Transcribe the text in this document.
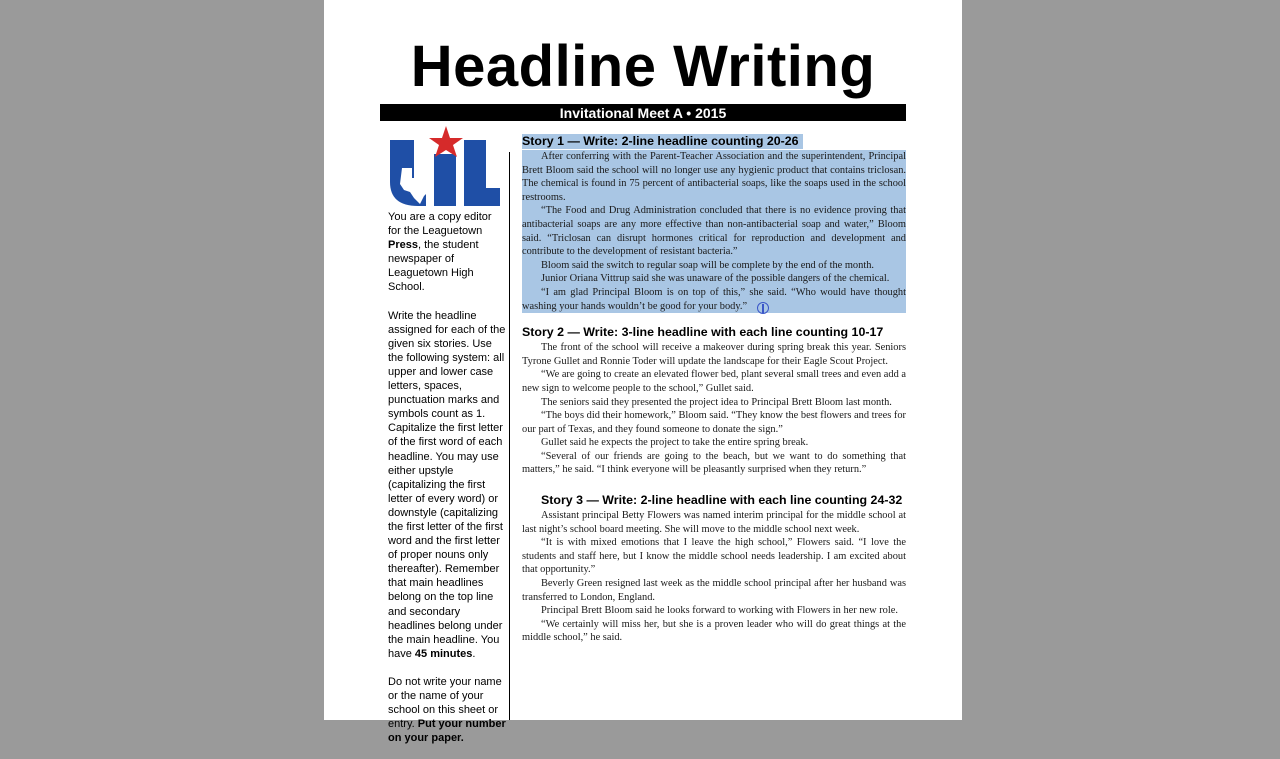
Headline Writing
Invitational Meet A • 2015

You are a copy editor for the Leaguetown Press, the student newspaper of Leaguetown High School.

Write the headline assigned for each of the given six stories. Use the following system: all upper and lower case letters, spaces, punctuation marks and symbols count as 1. Capitalize the first letter of the first word of each headline. You may use either upstyle (capitalizing the first letter of every word) or downstyle (capitalizing the first letter of the first word and the first letter of proper nouns only thereafter). Remember that main headlines belong on the top line and secondary headlines belong under the main headline. You have 45 minutes.

Do not write your name or the name of your school on this sheet or entry. Put your number on your paper.

Story 1 — Write: 2-line headline counting 20-26

After conferring with the Parent-Teacher Association and the superintendent, Principal Brett Bloom said the school will no longer use any hygienic product that contains triclosan. The chemical is found in 75 percent of antibacterial soaps, like the soaps used in the school restrooms.

“The Food and Drug Administration concluded that there is no evidence proving that antibacterial soaps are any more effective than non-antibacterial soap and water,” Bloom said. “Triclosan can disrupt hormones critical for reproduction and development and contribute to the development of resistant bacteria.”

Bloom said the switch to regular soap will be complete by the end of the month.

Junior Oriana Vittrup said she was unaware of the possible dangers of the chemical.

“I am glad Principal Bloom is on top of this,” she said. “Who would have thought washing your hands wouldn’t be good for your body.”

Story 2 — Write: 3-line headline with each line counting 10-17

The front of the school will receive a makeover during spring break this year. Seniors Tyrone Gullet and Ronnie Toder will update the landscape for their Eagle Scout Project.

“We are going to create an elevated flower bed, plant several small trees and even add a new sign to welcome people to the school,” Gullet said.

The seniors said they presented the project idea to Principal Brett Bloom last month.

“The boys did their homework,” Bloom said. “They know the best flowers and trees for our part of Texas, and they found someone to donate the sign.”

Gullet said he expects the project to take the entire spring break.

“Several of our friends are going to the beach, but we want to do something that matters,” he said. “I think everyone will be pleasantly surprised when they return.”

Story 3 — Write: 2-line headline with each line counting 24-32

Assistant principal Betty Flowers was named interim principal for the middle school at last night’s school board meeting. She will move to the middle school next week.

“It is with mixed emotions that I leave the high school,” Flowers said. “I love the students and staff here, but I know the middle school needs leadership. I am excited about that opportunity.”

Beverly Green resigned last week as the middle school principal after her husband was transferred to London, England.

Principal Brett Bloom said he looks forward to working with Flowers in her new role.

“We certainly will miss her, but she is a proven leader who will do great things at the middle school,” he said.
